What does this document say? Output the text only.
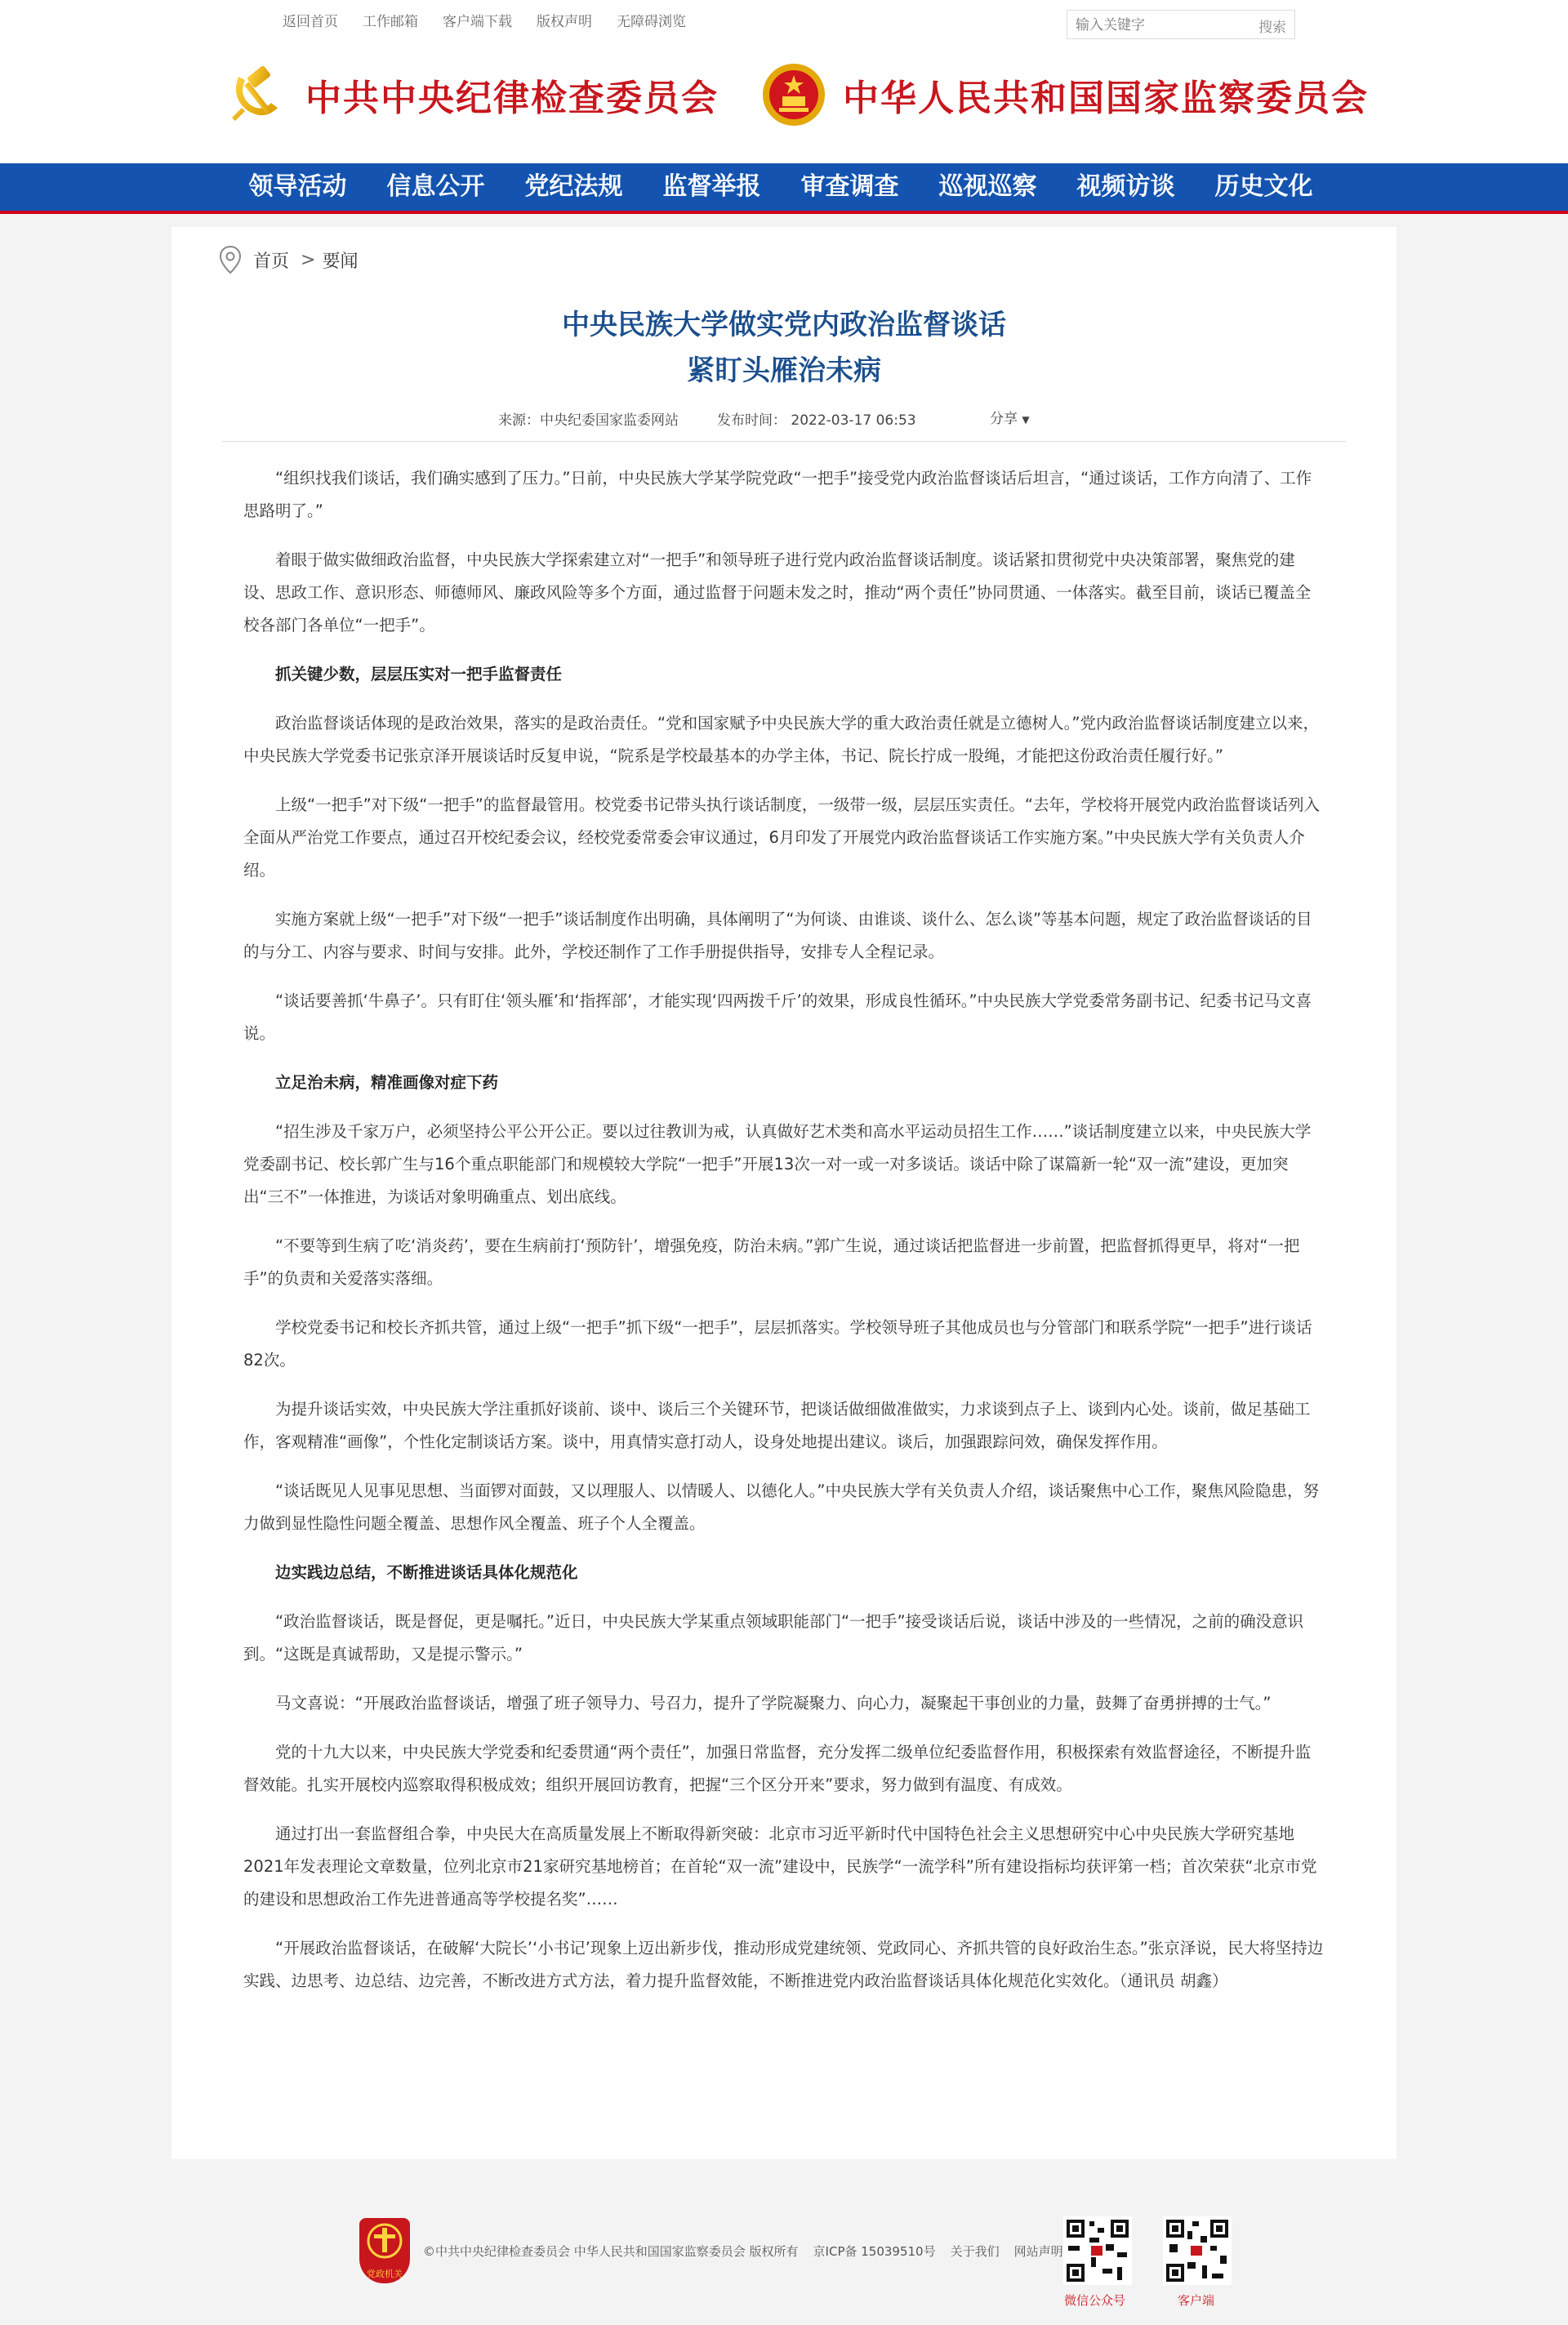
返回首页 工作邮箱 客户端下载 版权声明 无障碍浏览
输入关键字	搜索
中共中央纪律检查委员会	中华人民共和国国家监察委员会
领导活动	信息公开	党纪法规	监督举报	审查调查	巡视巡察	视频访谈	历史文化
首页 > 要闻
中央民族大学做实党内政治监督谈话
紧盯头雁治未病
来源：中央纪委国家监委网站	发布时间： 2022-03-17 06:53	分享 ▼

“组织找我们谈话，我们确实感到了压力。”日前，中央民族大学某学院党政“一把手”接受党内政治监督谈话后坦言，“通过谈话，工作方向清了、工作思路明了。”

着眼于做实做细政治监督，中央民族大学探索建立对“一把手”和领导班子进行党内政治监督谈话制度。谈话紧扣贯彻党中央决策部署，聚焦党的建设、思政工作、意识形态、师德师风、廉政风险等多个方面，通过监督于问题未发之时，推动“两个责任”协同贯通、一体落实。截至目前，谈话已覆盖全校各部门各单位“一把手”。

抓关键少数，层层压实对一把手监督责任

政治监督谈话体现的是政治效果，落实的是政治责任。“党和国家赋予中央民族大学的重大政治责任就是立德树人。”党内政治监督谈话制度建立以来，中央民族大学党委书记张京泽开展谈话时反复申说，“院系是学校最基本的办学主体，书记、院长拧成一股绳，才能把这份政治责任履行好。”

上级“一把手”对下级“一把手”的监督最管用。校党委书记带头执行谈话制度，一级带一级，层层压实责任。“去年，学校将开展党内政治监督谈话列入全面从严治党工作要点，通过召开校纪委会议，经校党委常委会审议通过，6月印发了开展党内政治监督谈话工作实施方案。”中央民族大学有关负责人介绍。

实施方案就上级“一把手”对下级“一把手”谈话制度作出明确，具体阐明了“为何谈、由谁谈、谈什么、怎么谈”等基本问题，规定了政治监督谈话的目的与分工、内容与要求、时间与安排。此外，学校还制作了工作手册提供指导，安排专人全程记录。

“谈话要善抓‘牛鼻子’。只有盯住‘领头雁’和‘指挥部’，才能实现‘四两拨千斤’的效果，形成良性循环。”中央民族大学党委常务副书记、纪委书记马文喜说。

立足治未病，精准画像对症下药

“招生涉及千家万户，必须坚持公平公开公正。要以过往教训为戒，认真做好艺术类和高水平运动员招生工作……”谈话制度建立以来，中央民族大学党委副书记、校长郭广生与16个重点职能部门和规模较大学院“一把手”开展13次一对一或一对多谈话。谈话中除了谋篇新一轮“双一流”建设，更加突出“三不”一体推进，为谈话对象明确重点、划出底线。

“不要等到生病了吃‘消炎药’，要在生病前打‘预防针’，增强免疫，防治未病。”郭广生说，通过谈话把监督进一步前置，把监督抓得更早，将对“一把手”的负责和关爱落实落细。

学校党委书记和校长齐抓共管，通过上级“一把手”抓下级“一把手”，层层抓落实。学校领导班子其他成员也与分管部门和联系学院“一把手”进行谈话82次。

为提升谈话实效，中央民族大学注重抓好谈前、谈中、谈后三个关键环节，把谈话做细做准做实，力求谈到点子上、谈到内心处。谈前，做足基础工作，客观精准“画像”，个性化定制谈话方案。谈中，用真情实意打动人，设身处地提出建议。谈后，加强跟踪问效，确保发挥作用。

“谈话既见人见事见思想、当面锣对面鼓，又以理服人、以情暖人、以德化人。”中央民族大学有关负责人介绍，谈话聚焦中心工作，聚焦风险隐患，努力做到显性隐性问题全覆盖、思想作风全覆盖、班子个人全覆盖。

边实践边总结，不断推进谈话具体化规范化

“政治监督谈话，既是督促，更是嘱托。”近日，中央民族大学某重点领域职能部门“一把手”接受谈话后说，谈话中涉及的一些情况，之前的确没意识到。“这既是真诚帮助，又是提示警示。”

马文喜说：“开展政治监督谈话，增强了班子领导力、号召力，提升了学院凝聚力、向心力，凝聚起干事创业的力量，鼓舞了奋勇拼搏的士气。”

党的十九大以来，中央民族大学党委和纪委贯通“两个责任”，加强日常监督，充分发挥二级单位纪委监督作用，积极探索有效监督途径，不断提升监督效能。扎实开展校内巡察取得积极成效；组织开展回访教育，把握“三个区分开来”要求，努力做到有温度、有成效。

通过打出一套监督组合拳，中央民大在高质量发展上不断取得新突破：北京市习近平新时代中国特色社会主义思想研究中心中央民族大学研究基地2021年发表理论文章数量，位列北京市21家研究基地榜首；在首轮“双一流”建设中，民族学“一流学科”所有建设指标均获评第一档；首次荣获“北京市党的建设和思想政治工作先进普通高等学校提名奖”……

“开展政治监督谈话，在破解‘大院长’‘小书记’现象上迈出新步伐，推动形成党建统领、党政同心、齐抓共管的良好政治生态。”张京泽说，民大将坚持边实践、边思考、边总结、边完善，不断改进方式方法，着力提升监督效能，不断推进党内政治监督谈话具体化规范化实效化。（通讯员 胡鑫）

党政机关
©中共中央纪律检查委员会 中华人民共和国国家监察委员会 版权所有 京ICP备 15039510号 关于我们 网站声明
微信公众号	客户端
